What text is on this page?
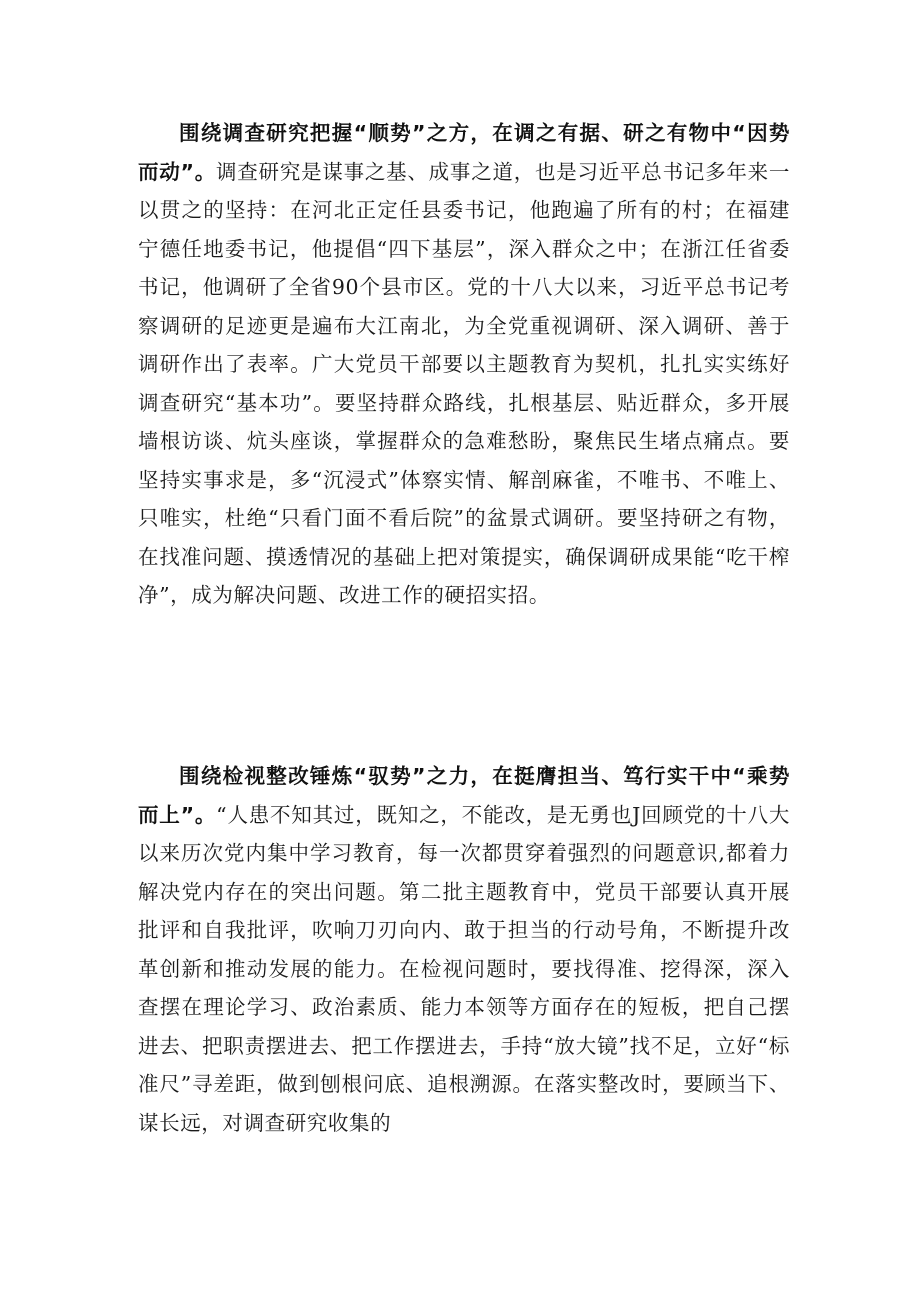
围绕调查研究把握“顺势”之方，在调之有据、研之有物中“因势而动”。调查研究是谋事之基、成事之道，也是习近平总书记多年来一以贯之的坚持：在河北正定任县委书记，他跑遍了所有的村；在福建宁德任地委书记，他提倡“四下基层”，深入群众之中；在浙江任省委书记，他调研了全省90个县市区。党的十八大以来，习近平总书记考察调研的足迹更是遍布大江南北，为全党重视调研、深入调研、善于调研作出了表率。广大党员干部要以主题教育为契机，扎扎实实练好调查研究“基本功”。要坚持群众路线，扎根基层、贴近群众，多开展墙根访谈、炕头座谈，掌握群众的急难愁盼，聚焦民生堵点痛点。要坚持实事求是，多“沉浸式”体察实情、解剖麻雀，不唯书、不唯上、只唯实，杜绝“只看门面不看后院”的盆景式调研。要坚持研之有物，在找准问题、摸透情况的基础上把对策提实，确保调研成果能“吃干榨净”，成为解决问题、改进工作的硬招实招。

围绕检视整改锤炼“驭势”之力，在挺膺担当、笃行实干中“乘势而上”。“人患不知其过，既知之，不能改，是无勇也J回顾党的十八大以来历次党内集中学习教育，每一次都贯穿着强烈的问题意识,都着力解决党内存在的突出问题。第二批主题教育中，党员干部要认真开展批评和自我批评，吹响刀刃向内、敢于担当的行动号角，不断提升改革创新和推动发展的能力。在检视问题时，要找得准、挖得深，深入查摆在理论学习、政治素质、能力本领等方面存在的短板，把自己摆进去、把职责摆进去、把工作摆进去，手持“放大镜”找不足，立好“标准尺”寻差距，做到刨根问底、追根溯源。在落实整改时，要顾当下、谋长远，对调查研究收集的
